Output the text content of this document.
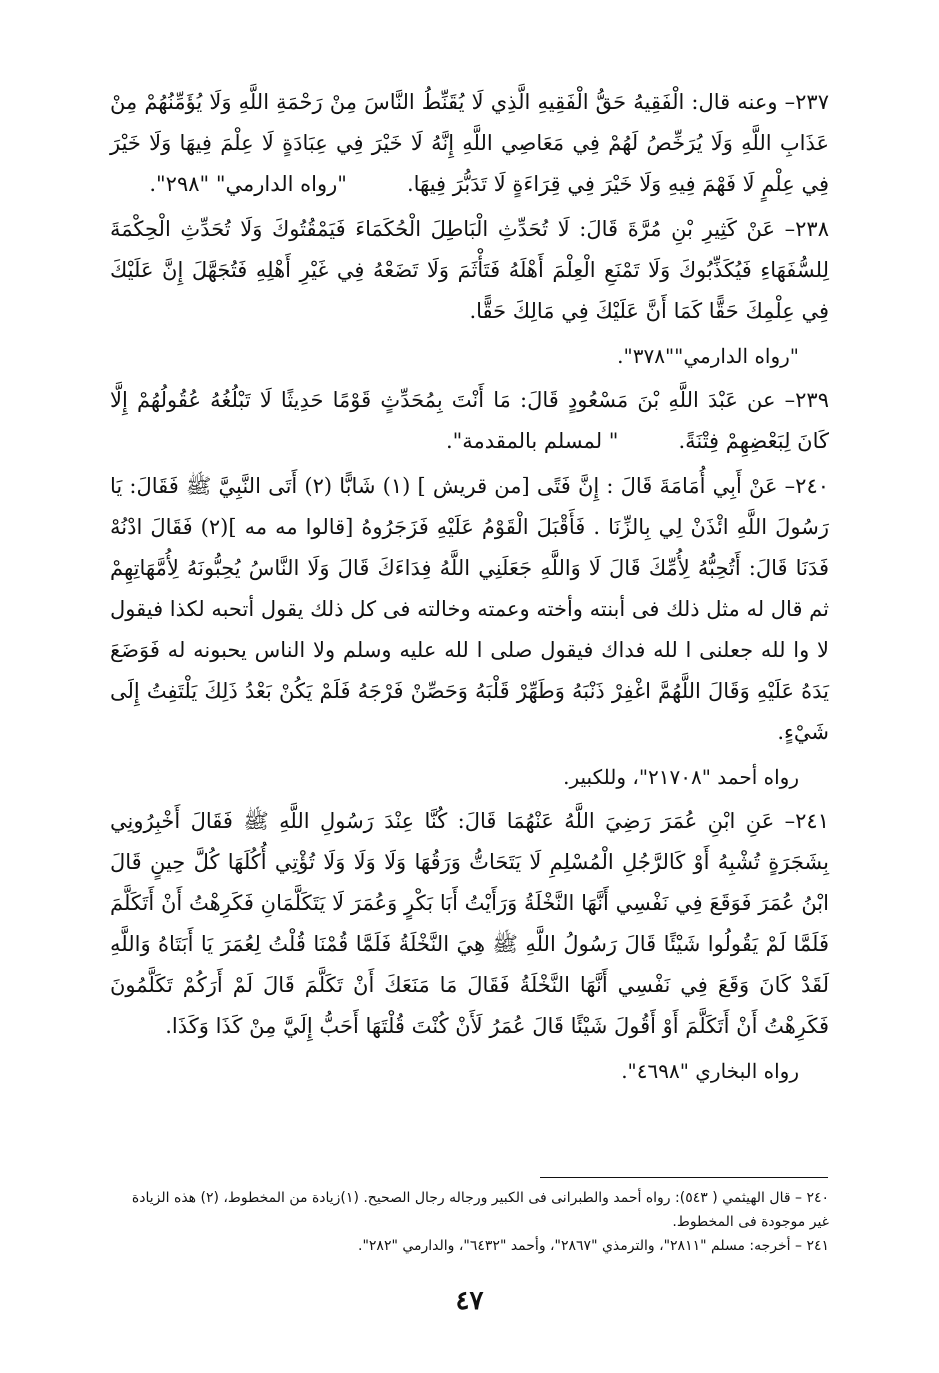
٢٣٧– وعنه قال: الْفَقِيهُ حَقُّ الْفَقِيهِ الَّذِي لَا يُقَنِّطُ النَّاسَ مِنْ رَحْمَةِ اللَّهِ وَلَا يُؤَمِّنُهُمْ مِنْ عَذَابِ اللَّهِ وَلَا يُرَخِّصُ لَهُمْ فِي مَعَاصِي اللَّهِ إِنَّهُ لَا خَيْرَ فِي عِبَادَةٍ لَا عِلْمَ فِيهَا وَلَا خَيْرَ فِي عِلْمٍ لَا فَهْمَ فِيهِ وَلَا خَيْرَ فِي قِرَاءَةٍ لَا تَدَبُّرَ فِيهَا."رواه الدارمي" "٢٩٨".

٢٣٨– عَنْ كَثِيرِ بْنِ مُرَّةَ قَالَ: لَا تُحَدِّثِ الْبَاطِلَ الْحُكَمَاءَ فَيَمْقُتُوكَ وَلَا تُحَدِّثِ الْحِكْمَةَ لِلسُّفَهَاءِ فَيُكَذِّبُوكَ وَلَا تَمْنَعِ الْعِلْمَ أَهْلَهُ فَتَأْثَمَ وَلَا تَضَعْهُ فِي غَيْرِ أَهْلِهِ فَتُجَهَّلَ إِنَّ عَلَيْكَ فِي عِلْمِكَ حَقًّا كَمَا أَنَّ عَلَيْكَ فِي مَالِكَ حَقًّا.

"رواه الدارمي""٣٧٨".

٢٣٩– عن عَبْدَ اللَّهِ بْنَ مَسْعُودٍ قَالَ: مَا أَنْتَ بِمُحَدِّثٍ قَوْمًا حَدِيثًا لَا تَبْلُغُهُ عُقُولُهُمْ إِلَّا كَانَ لِبَعْضِهِمْ فِتْنَةً." لمسلم بالمقدمة".

٢٤٠– عَنْ أَبِي أُمَامَةَ قَالَ : إِنَّ فَتًى [من قريش ] (١) شَابًّا (٢) أَتَى النَّبِيَّ ﷺ فَقَالَ: يَا رَسُولَ اللَّهِ ائْذَنْ لِي بِالزِّنَا . فَأَقْبَلَ الْقَوْمُ عَلَيْهِ فَزَجَرُوهُ [قالوا مه مه ](٢) فَقَالَ ادْنُهْ فَدَنَا قَالَ: أَتُحِبُّهُ لِأُمِّكَ قَالَ لَا وَاللَّهِ جَعَلَنِي اللَّهُ فِدَاءَكَ قَالَ وَلَا النَّاسُ يُحِبُّونَهُ لِأُمَّهَاتِهِمْ ثم قال له مثل ذلك فى أبنته وأخته وعمته وخالته فى كل ذلك يقول أتحبه لكذا فيقول لا وا لله جعلنى ا لله فداك فيقول صلى ا لله عليه وسلم ولا الناس يحبونه له فَوَضَعَ يَدَهُ عَلَيْهِ وَقَالَ اللَّهُمَّ اغْفِرْ ذَنْبَهُ وَطَهِّرْ قَلْبَهُ وَحَصِّنْ فَرْجَهُ فَلَمْ يَكُنْ بَعْدُ ذَلِكَ يَلْتَفِتُ إِلَى شَيْءٍ.

رواه أحمد "٢١٧٠٨"، وللكبير.

٢٤١– عَنِ ابْنِ عُمَرَ رَضِيَ اللَّهُ عَنْهُمَا قَالَ: كُنَّا عِنْدَ رَسُولِ اللَّهِ ﷺ فَقَالَ أَخْبِرُونِي بِشَجَرَةٍ تُشْبِهُ أَوْ كَالرَّجُلِ الْمُسْلِمِ لَا يَتَحَاتُّ وَرَقُهَا وَلَا وَلَا وَلَا تُؤْتِي أُكُلَهَا كُلَّ حِينٍ قَالَ ابْنُ عُمَرَ فَوَقَعَ فِي نَفْسِي أَنَّهَا النَّخْلَةُ وَرَأَيْتُ أَبَا بَكْرٍ وَعُمَرَ لَا يَتَكَلَّمَانِ فَكَرِهْتُ أَنْ أَتَكَلَّمَ فَلَمَّا لَمْ يَقُولُوا شَيْئًا قَالَ رَسُولُ اللَّهِ ﷺ هِيَ النَّخْلَةُ فَلَمَّا قُمْنَا قُلْتُ لِعُمَرَ يَا أَبَتَاهُ وَاللَّهِ لَقَدْ كَانَ وَقَعَ فِي نَفْسِي أَنَّهَا النَّخْلَةُ فَقَالَ مَا مَنَعَكَ أَنْ تَكَلَّمَ قَالَ لَمْ أَرَكُمْ تَكَلَّمُونَ فَكَرِهْتُ أَنْ أَتَكَلَّمَ أَوْ أَقُولَ شَيْئًا قَالَ عُمَرُ لَأَنْ كُنْتَ قُلْتَهَا أَحَبُّ إِلَيَّ مِنْ كَذَا وَكَذَا.

رواه البخاري "٤٦٩٨".

٢٤٠ – قال الهيثمي ( ٥٤٣): رواه أحمد والطبرانى فى الكبير ورجاله رجال الصحيح. (١)زيادة من المخطوط، (٢) هذه الزيادة غير موجودة فى المخطوط.

٢٤١ – أخرجه: مسلم "٢٨١١"، والترمذي "٢٨٦٧"، وأحمد "٦٤٣٢"، والدارمي "٢٨٢".

٤٧
